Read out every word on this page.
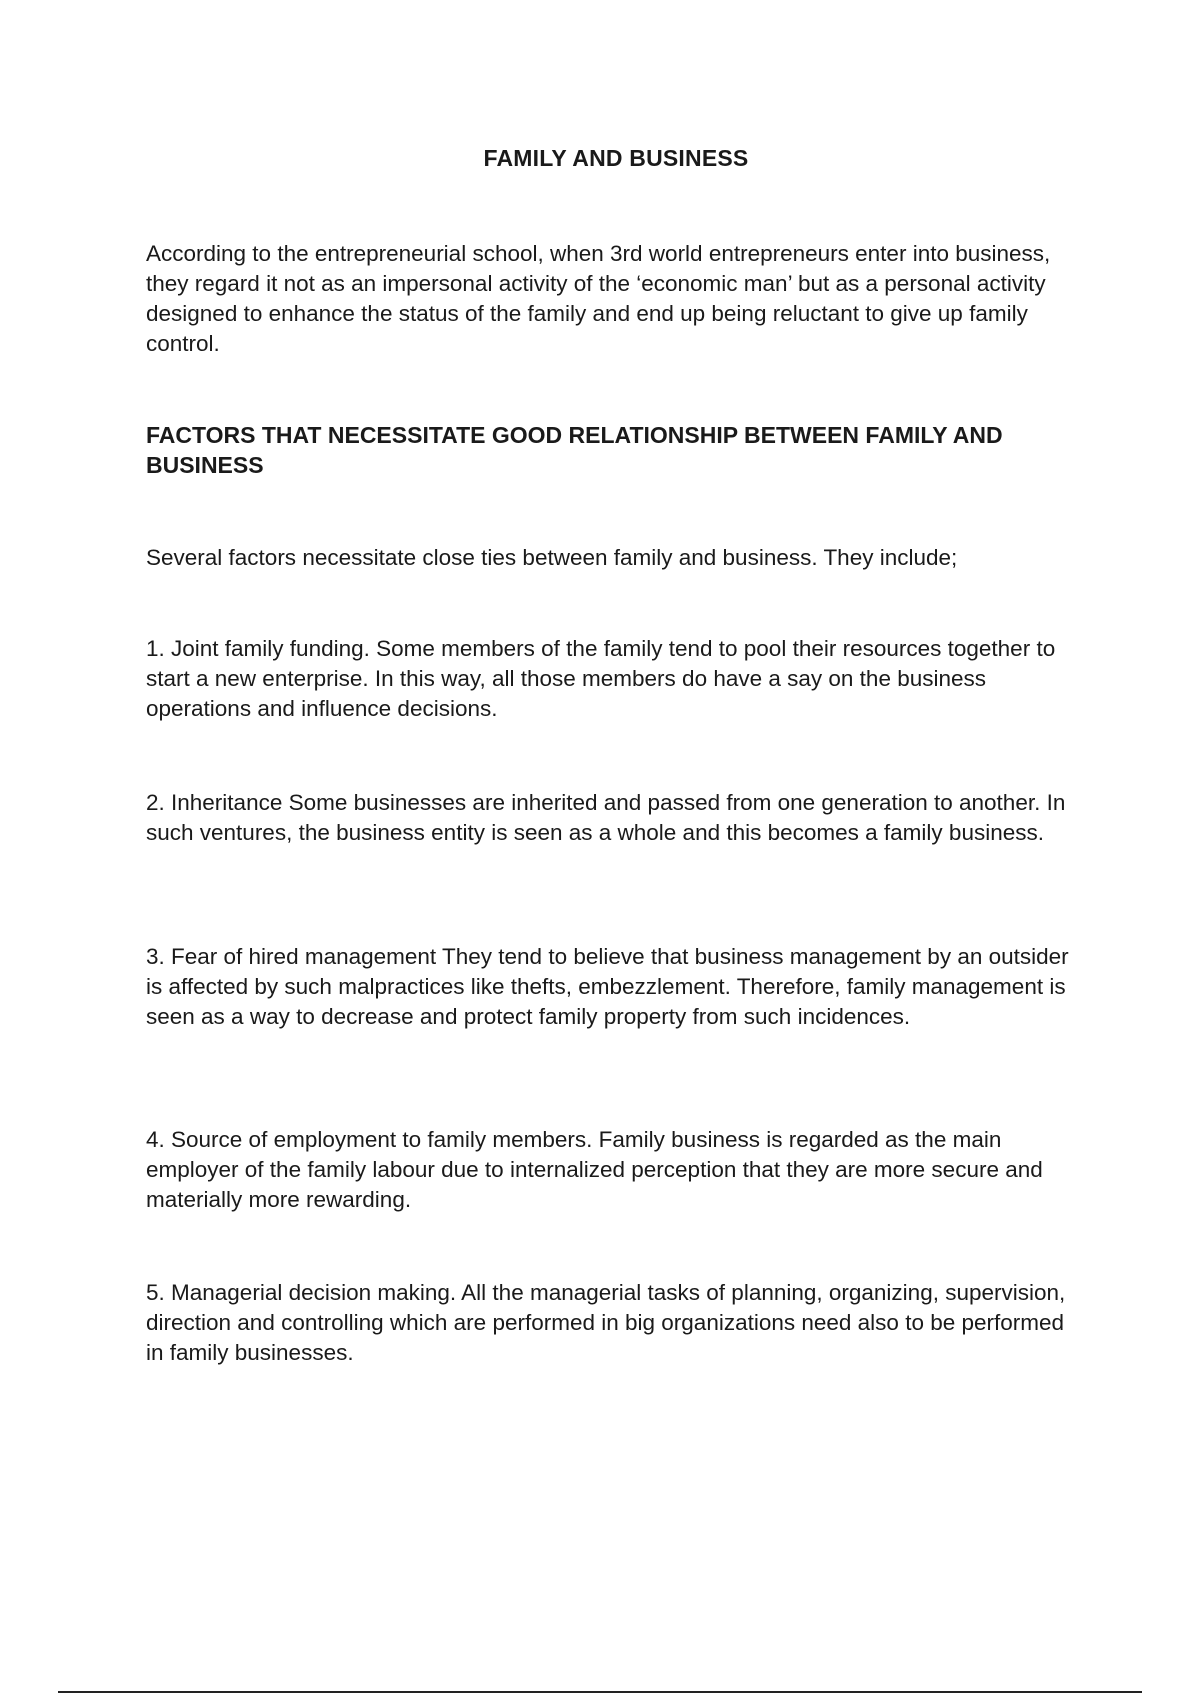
FAMILY AND BUSINESS
According to the entrepreneurial school, when 3rd world entrepreneurs enter into business, they regard it not as an impersonal activity of the ‘economic man’ but as a personal activity designed to enhance the status of the family and end up being reluctant to give up family control.
FACTORS THAT NECESSITATE GOOD RELATIONSHIP BETWEEN FAMILY AND BUSINESS
Several factors necessitate close ties between family and business. They include;
1. Joint family funding. Some members of the family tend to pool their resources together to start a new enterprise. In this way, all those members do have a say on the business operations and influence decisions.
2. Inheritance Some businesses are inherited and passed from one generation to another. In such ventures, the business entity is seen as a whole and this becomes a family business.
3. Fear of hired management They tend to believe that business management by an outsider is affected by such malpractices like thefts, embezzlement. Therefore, family management is seen as a way to decrease and protect family property from such incidences.
4. Source of employment to family members. Family business is regarded as the main employer of the family labour due to internalized perception that they are more secure and materially more rewarding.
5. Managerial decision making. All the managerial tasks of planning, organizing, supervision, direction and controlling which are performed in big organizations need also to be performed in family businesses.
